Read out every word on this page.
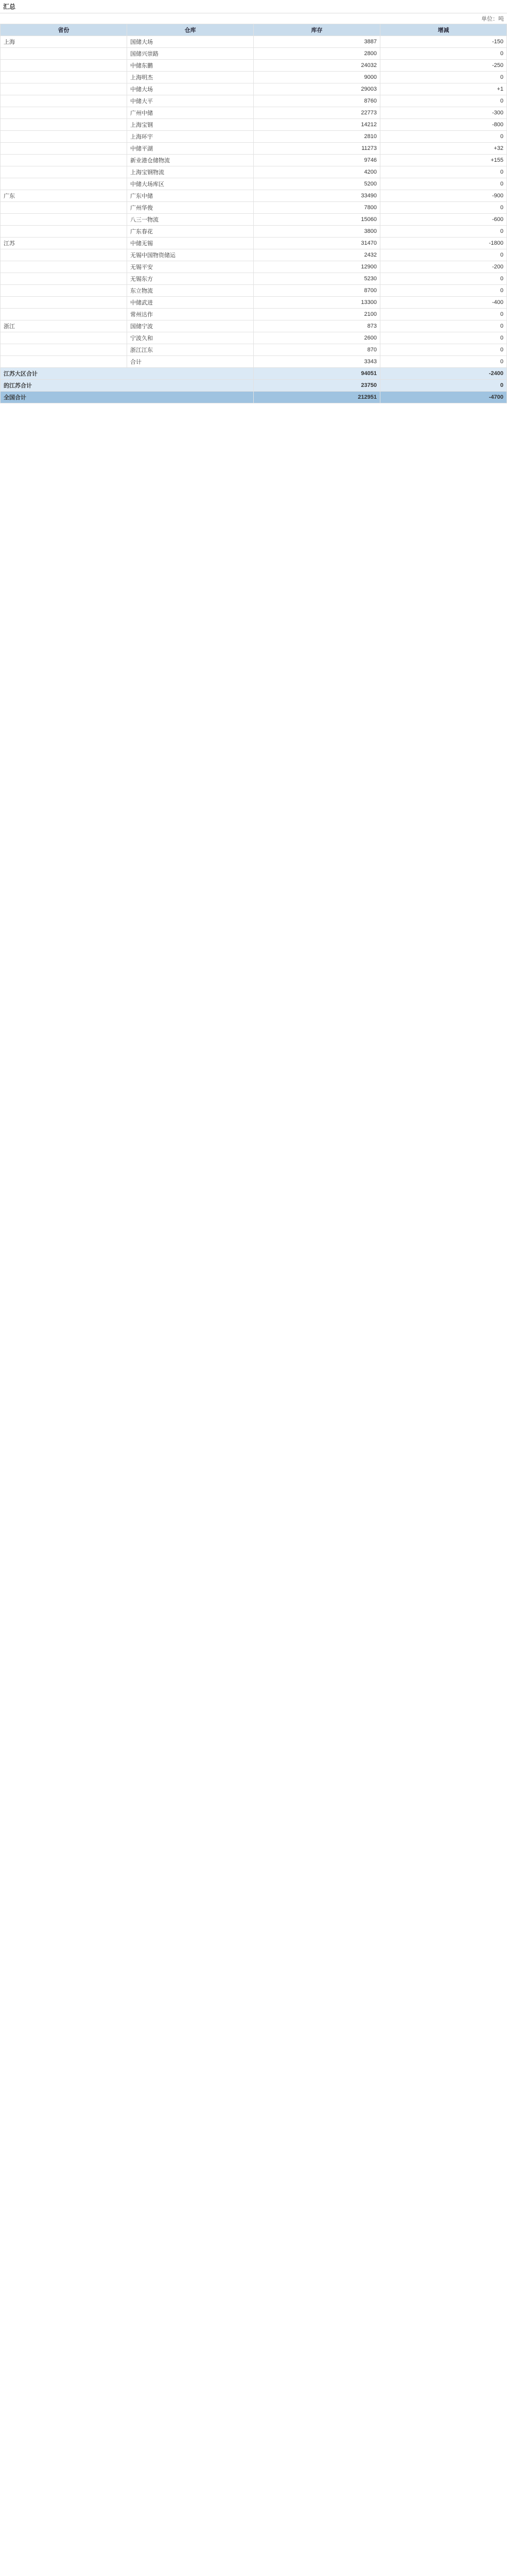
汇总
单位：吨
省份	仓库	库存	增减
上海	国储大场	3887	-150
	国储兴崇路	2800	0
	中储东鹏	24032	-250
	上海明杰	9000	0
	中储大场	29003	+1
	中储大平	8760	0
	广州中储	22773	-300
	上海宝钢	14212	-800
	上海环宇	2810	0
	中储平湖	11273	+32
	新业港仓储物流	9746	+155
	上海宝钢物流	4200	0
	中储大场库区	5200	0
广东	广东中储	33490	-900
	广州华俊	7800	0
	八三一物流	15060	-600
	广东春花	3800	0
江苏	中储无锡	31470	-1800
	无锡中国物资储运	2432	0
	无锡平安	12900	-200
	无锡东方	5230	0
	东立物流	8700	0
	中储武进	13300	-400
	常州达作	2100	0
浙江	国储宁波	873	0
	宁波久和	2600	0
	浙江江东	870	0
	合计	3343	0
江苏大区合计		94051	-2400
的江苏合计		23750	0
全国合计		212951	-4700
